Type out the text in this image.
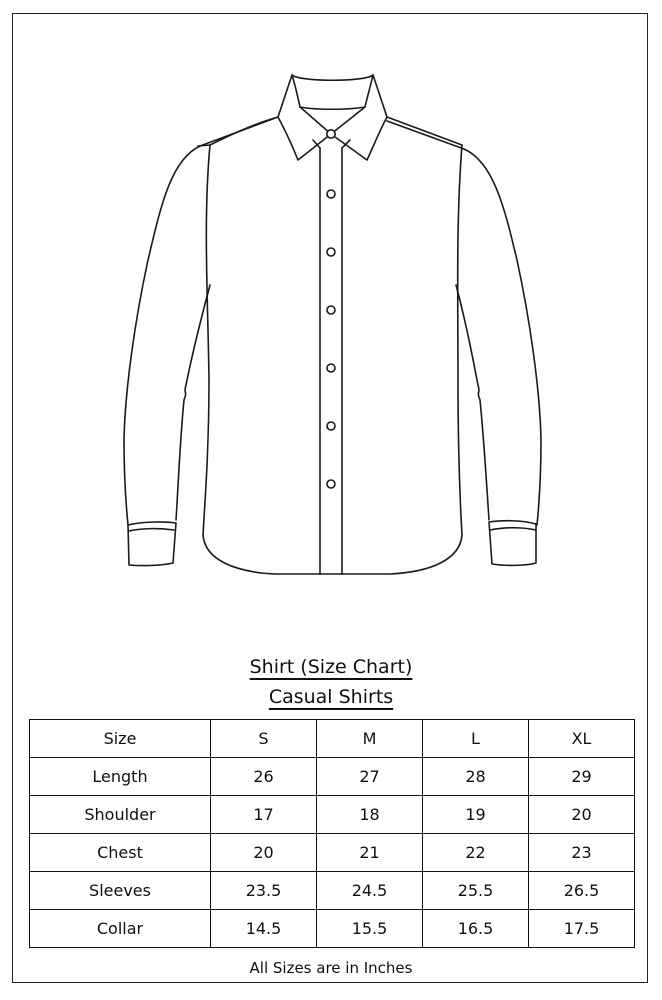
Shirt (Size Chart)
Casual Shirts
Size	S	M	L	XL
Length	26	27	28	29
Shoulder	17	18	19	20
Chest	20	21	22	23
Sleeves	23.5	24.5	25.5	26.5
Collar	14.5	15.5	16.5	17.5
All Sizes are in Inches
